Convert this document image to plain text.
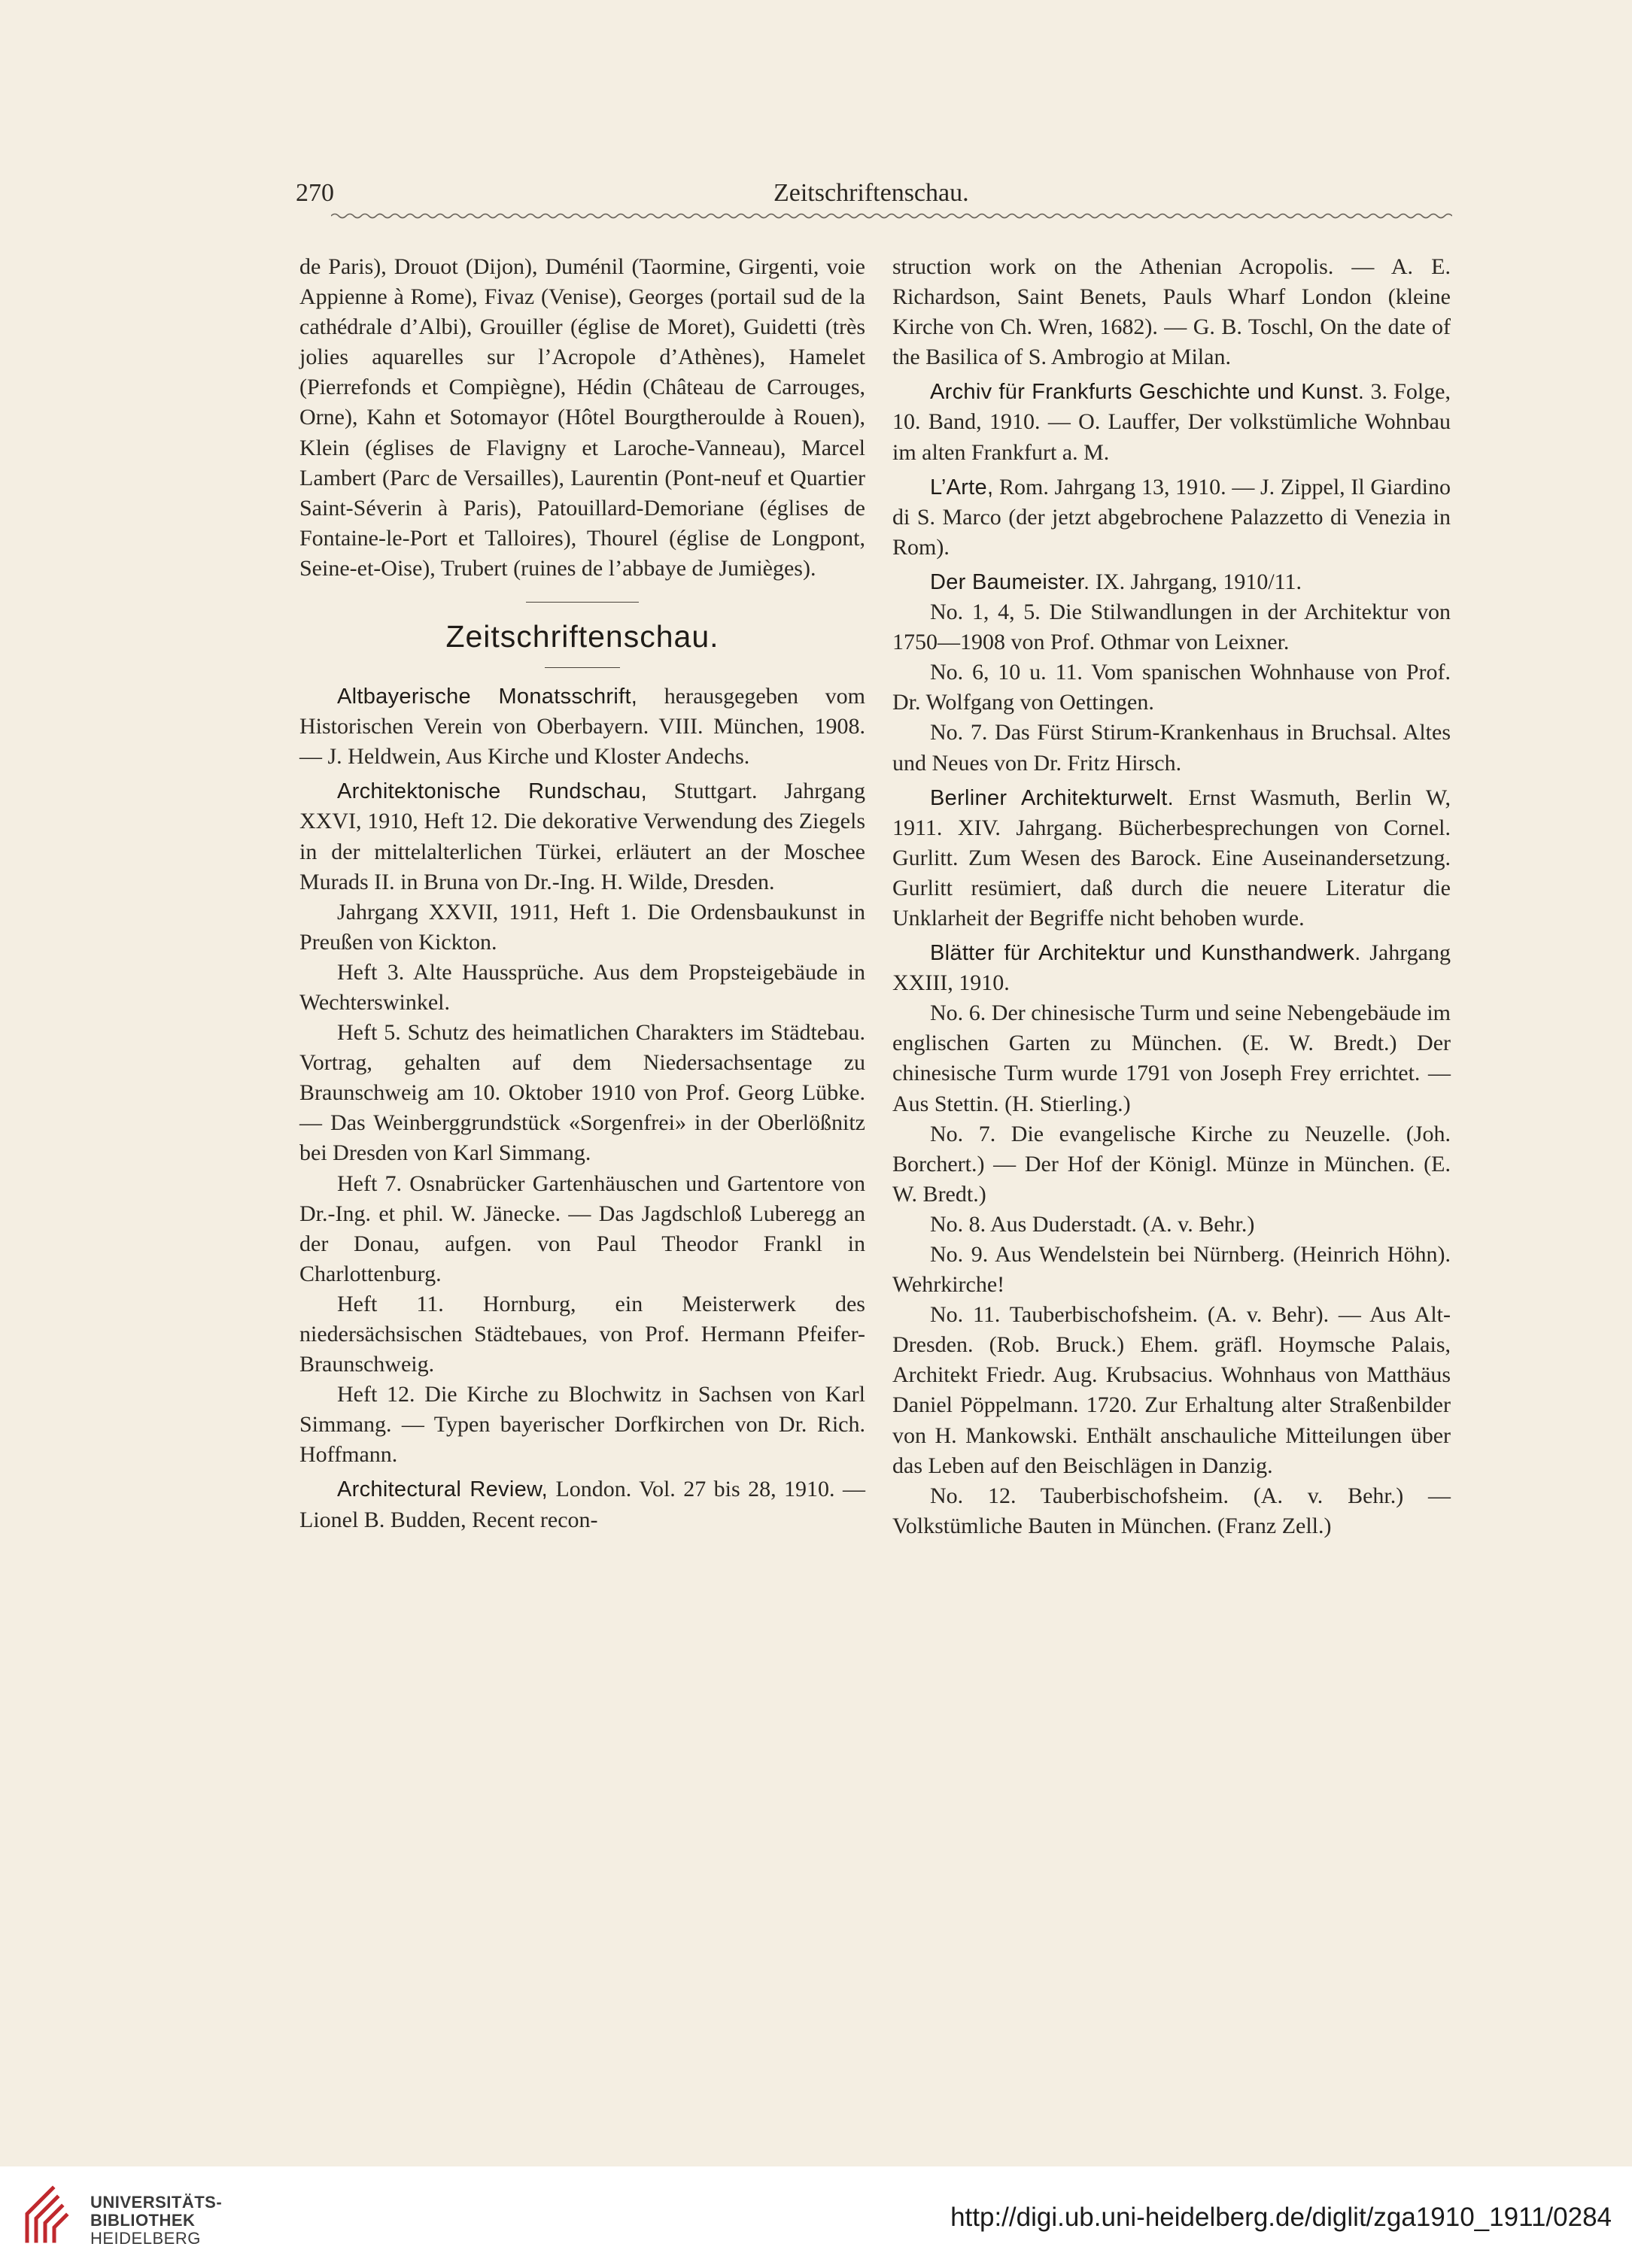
270	Zeitschriftenschau.

de Paris), Drouot (Dijon), Duménil (Taormine, Girgenti, voie Appienne à Rome), Fivaz (Venise), Georges (portail sud de la cathédrale d’Albi), Grouiller (église de Moret), Guidetti (très jolies aquarelles sur l’Acropole d’Athènes), Hamelet (Pierrefonds et Compiègne), Hédin (Château de Carrouges, Orne), Kahn et Sotomayor (Hôtel Bourgtheroulde à Rouen), Klein (églises de Flavigny et Laroche-Vanneau), Marcel Lambert (Parc de Versailles), Laurentin (Pont-neuf et Quartier Saint-Séverin à Paris), Patouillard-Demoriane (églises de Fontaine-le-Port et Talloires), Thourel (église de Longpont, Seine-et-Oise), Trubert (ruines de l’abbaye de Jumièges).

Zeitschriftenschau.

Altbayerische Monatsschrift, herausgegeben vom Historischen Verein von Oberbayern. VIII. München, 1908. — J. Heldwein, Aus Kirche und Kloster Andechs.

Architektonische Rundschau, Stuttgart. Jahrgang XXVI, 1910, Heft 12. Die dekorative Verwendung des Ziegels in der mittelalterlichen Türkei, erläutert an der Moschee Murads II. in Bruna von Dr.-Ing. H. Wilde, Dresden.

Jahrgang XXVII, 1911, Heft 1. Die Ordensbaukunst in Preußen von Kickton.

Heft 3. Alte Haussprüche. Aus dem Propsteigebäude in Wechterswinkel.

Heft 5. Schutz des heimatlichen Charakters im Städtebau. Vortrag, gehalten auf dem Niedersachsentage zu Braunschweig am 10. Oktober 1910 von Prof. Georg Lübke. — Das Weinberggrundstück «Sorgenfrei» in der Oberlößnitz bei Dresden von Karl Simmang.

Heft 7. Osnabrücker Gartenhäuschen und Gartentore von Dr.-Ing. et phil. W. Jänecke. — Das Jagdschloß Luberegg an der Donau, aufgen. von Paul Theodor Frankl in Charlottenburg.

Heft 11. Hornburg, ein Meisterwerk des niedersächsischen Städtebaues, von Prof. Hermann Pfeifer-Braunschweig.

Heft 12. Die Kirche zu Blochwitz in Sachsen von Karl Simmang. — Typen bayerischer Dorfkirchen von Dr. Rich. Hoffmann.

Architectural Review, London. Vol. 27 bis 28, 1910. — Lionel B. Budden, Recent recon-

struction work on the Athenian Acropolis. — A. E. Richardson, Saint Benets, Pauls Wharf London (kleine Kirche von Ch. Wren, 1682). — G. B. Toschl, On the date of the Basilica of S. Ambrogio at Milan.

Archiv für Frankfurts Geschichte und Kunst. 3. Folge, 10. Band, 1910. — O. Lauffer, Der volkstümliche Wohnbau im alten Frankfurt a. M.

L’Arte, Rom. Jahrgang 13, 1910. — J. Zippel, Il Giardino di S. Marco (der jetzt abgebrochene Palazzetto di Venezia in Rom).

Der Baumeister. IX. Jahrgang, 1910/11.

No. 1, 4, 5. Die Stilwandlungen in der Architektur von 1750—1908 von Prof. Othmar von Leixner.

No. 6, 10 u. 11. Vom spanischen Wohnhause von Prof. Dr. Wolfgang von Oettingen.

No. 7. Das Fürst Stirum-Krankenhaus in Bruchsal. Altes und Neues von Dr. Fritz Hirsch.

Berliner Architekturwelt. Ernst Wasmuth, Berlin W, 1911. XIV. Jahrgang. Bücherbesprechungen von Cornel. Gurlitt. Zum Wesen des Barock. Eine Auseinandersetzung. Gurlitt resümiert, daß durch die neuere Literatur die Unklarheit der Begriffe nicht behoben wurde.

Blätter für Architektur und Kunsthandwerk. Jahrgang XXIII, 1910.

No. 6. Der chinesische Turm und seine Nebengebäude im englischen Garten zu München. (E. W. Bredt.) Der chinesische Turm wurde 1791 von Joseph Frey errichtet. — Aus Stettin. (H. Stierling.)

No. 7. Die evangelische Kirche zu Neuzelle. (Joh. Borchert.) — Der Hof der Königl. Münze in München. (E. W. Bredt.)

No. 8. Aus Duderstadt. (A. v. Behr.)

No. 9. Aus Wendelstein bei Nürnberg. (Heinrich Höhn). Wehrkirche!

No. 11. Tauberbischofsheim. (A. v. Behr). — Aus Alt-Dresden. (Rob. Bruck.) Ehem. gräfl. Hoymsche Palais, Architekt Friedr. Aug. Krubsacius. Wohnhaus von Matthäus Daniel Pöppelmann. 1720. Zur Erhaltung alter Straßenbilder von H. Mankowski. Enthält anschauliche Mitteilungen über das Leben auf den Beischlägen in Danzig.

No. 12. Tauberbischofsheim. (A. v. Behr.) — Volkstümliche Bauten in München. (Franz Zell.)

UNIVERSITÄTS-
BIBLIOTHEK
HEIDELBERG
http://digi.ub.uni-heidelberg.de/diglit/zga1910_1911/0284
